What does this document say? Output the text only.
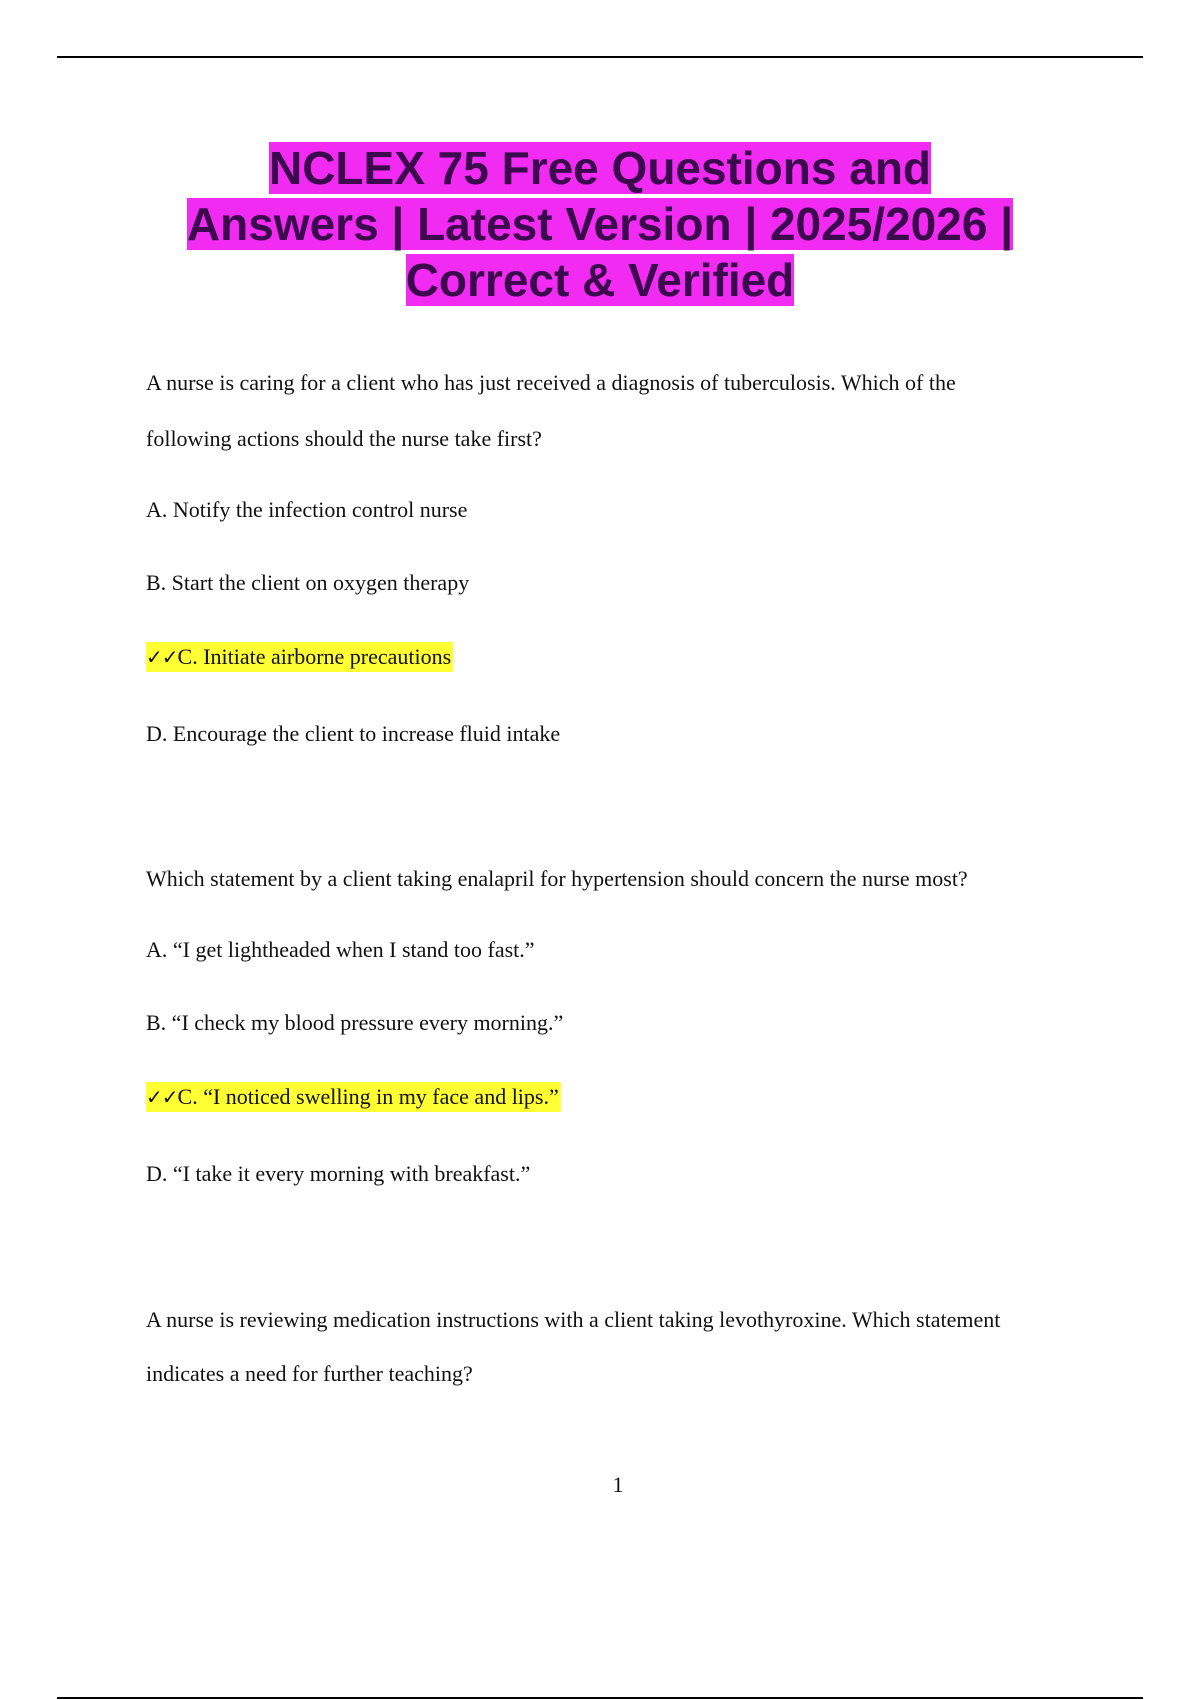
NCLEX 75 Free Questions and
Answers | Latest Version | 2025/2026 |
Correct & Verified

A nurse is caring for a client who has just received a diagnosis of tuberculosis. Which of the

following actions should the nurse take first?

A. Notify the infection control nurse

B. Start the client on oxygen therapy

✓✓C. Initiate airborne precautions

D. Encourage the client to increase fluid intake

Which statement by a client taking enalapril for hypertension should concern the nurse most?

A. “I get lightheaded when I stand too fast.”

B. “I check my blood pressure every morning.”

✓✓C. “I noticed swelling in my face and lips.”

D. “I take it every morning with breakfast.”

A nurse is reviewing medication instructions with a client taking levothyroxine. Which statement

indicates a need for further teaching?

1
